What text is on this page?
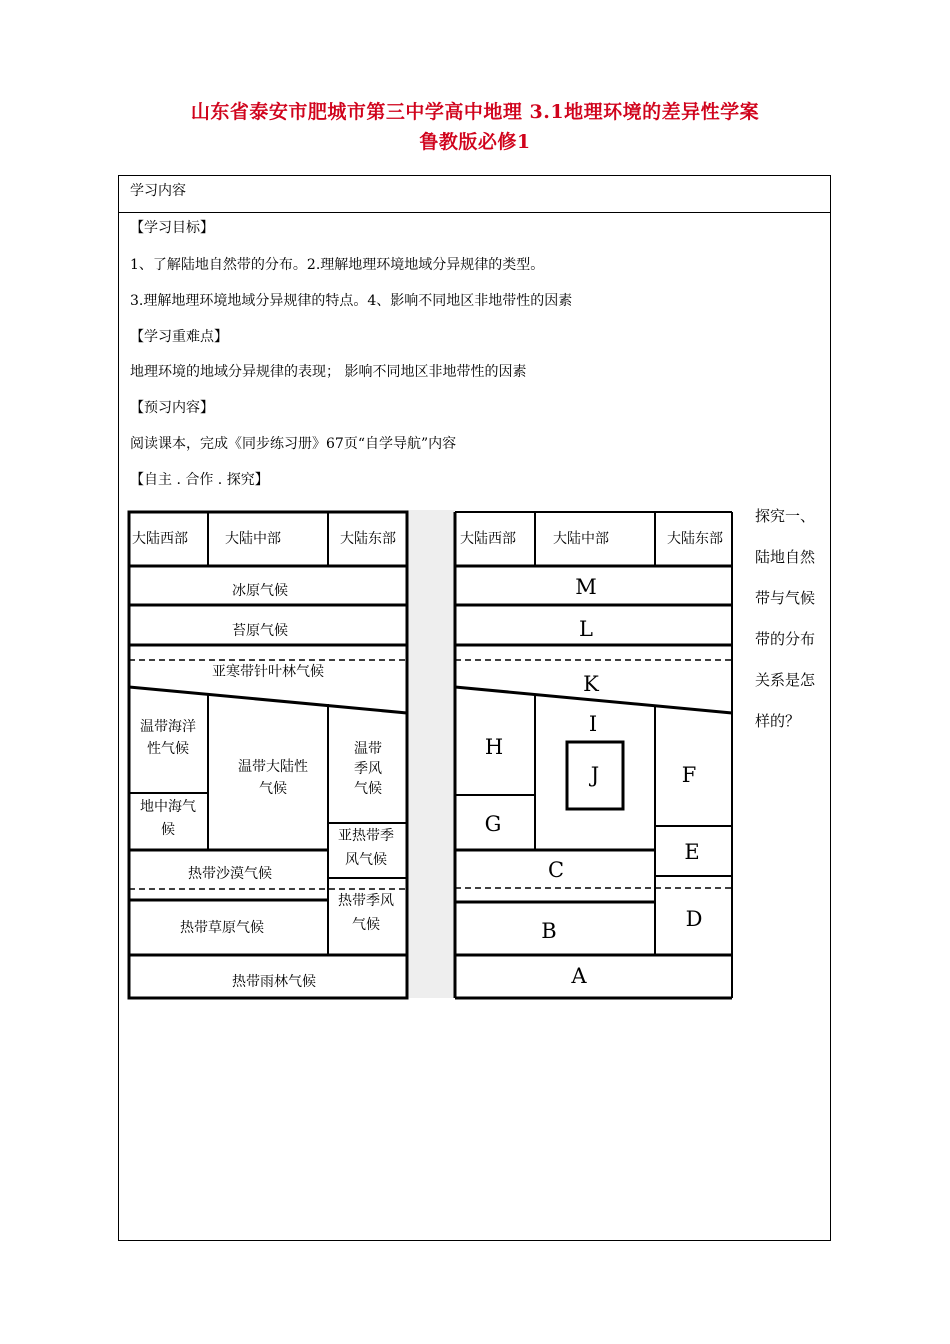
山东省泰安市肥城市第三中学高中地理 3.1地理环境的差异性学案
鲁教版必修1
学习内容
【学习目标】
1、了解陆地自然带的分布。2.理解地理环境地域分异规律的类型。
3.理解地理环境地域分异规律的特点。4、影响不同地区非地带性的因素
【学习重难点】
地理环境的地域分异规律的表现； 影响不同地区非地带性的因素
【预习内容】
阅读课本，完成《同步练习册》67页“自学导航”内容
【自主 . 合作 . 探究】
探究一、
陆地自然
带与气候
带的分布
关系是怎
样的？
大陆西部	大陆中部	大陆东部
冰原气候
苔原气候
亚寒带针叶林气候
温带海洋
性气候
地中海气
候
温带大陆性
气候
温带
季风
气候
亚热带季
风气候
热带沙漠气候
热带季风
气候
热带草原气候
热带雨林气候
大陆西部	大陆中部	大陆东部
M
L
K
H
I
J	F
G
E
C
D
B
A
